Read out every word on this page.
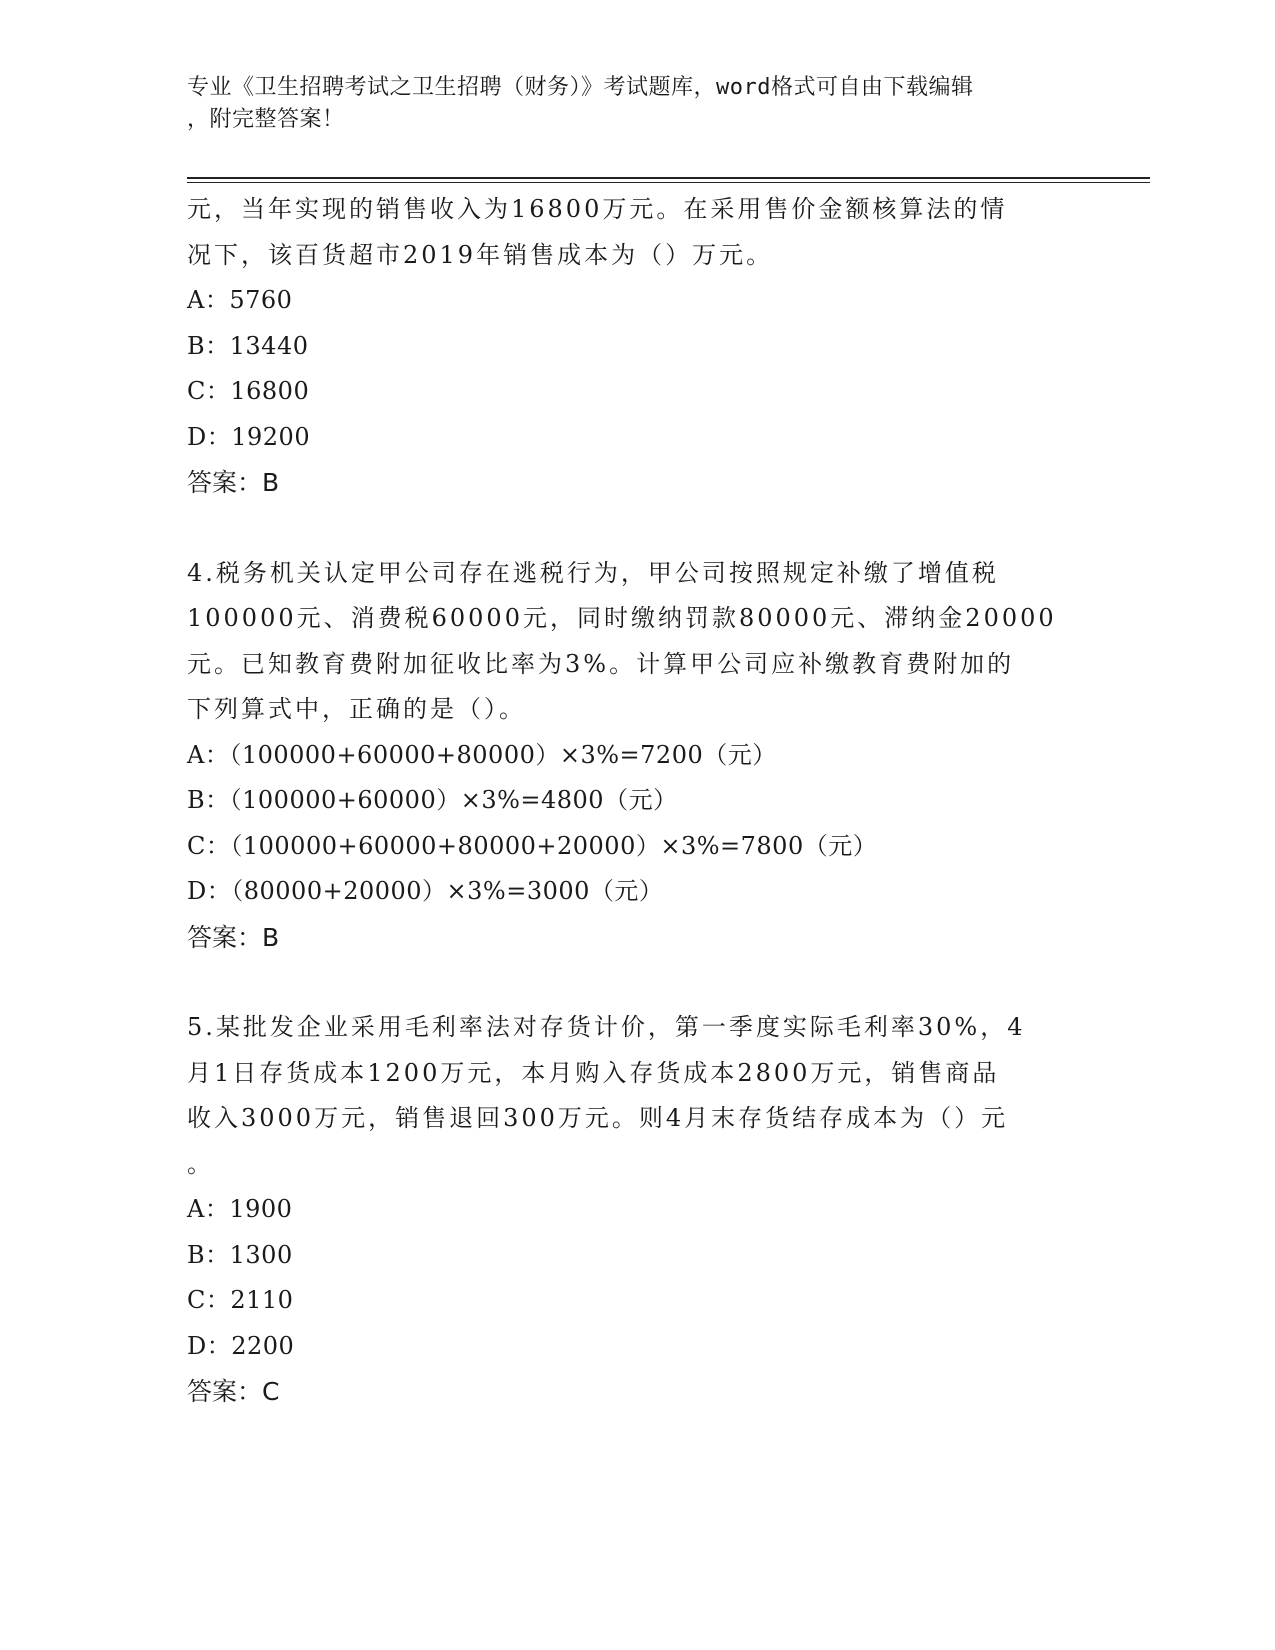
专业《卫生招聘考试之卫生招聘（财务）》考试题库，word格式可自由下载编辑
，附完整答案！
元，当年实现的销售收入为16800万元。在采用售价金额核算法的情
况下，该百货超市2019年销售成本为（）万元。
A：5760
B：13440
C：16800
D：19200
答案：B
4.税务机关认定甲公司存在逃税行为，甲公司按照规定补缴了增值税
100000元、消费税60000元，同时缴纳罚款80000元、滞纳金20000
元。已知教育费附加征收比率为3%。计算甲公司应补缴教育费附加的
下列算式中，正确的是（）。
A：（100000+60000+80000）×3%=7200（元）
B：（100000+60000）×3%=4800（元）
C：（100000+60000+80000+20000）×3%=7800（元）
D：（80000+20000）×3%=3000（元）
答案：B
5.某批发企业采用毛利率法对存货计价，第一季度实际毛利率30%，4
月1日存货成本1200万元，本月购入存货成本2800万元，销售商品
收入3000万元，销售退回300万元。则4月末存货结存成本为（）元
。
A：1900
B：1300
C：2110
D：2200
答案：C
